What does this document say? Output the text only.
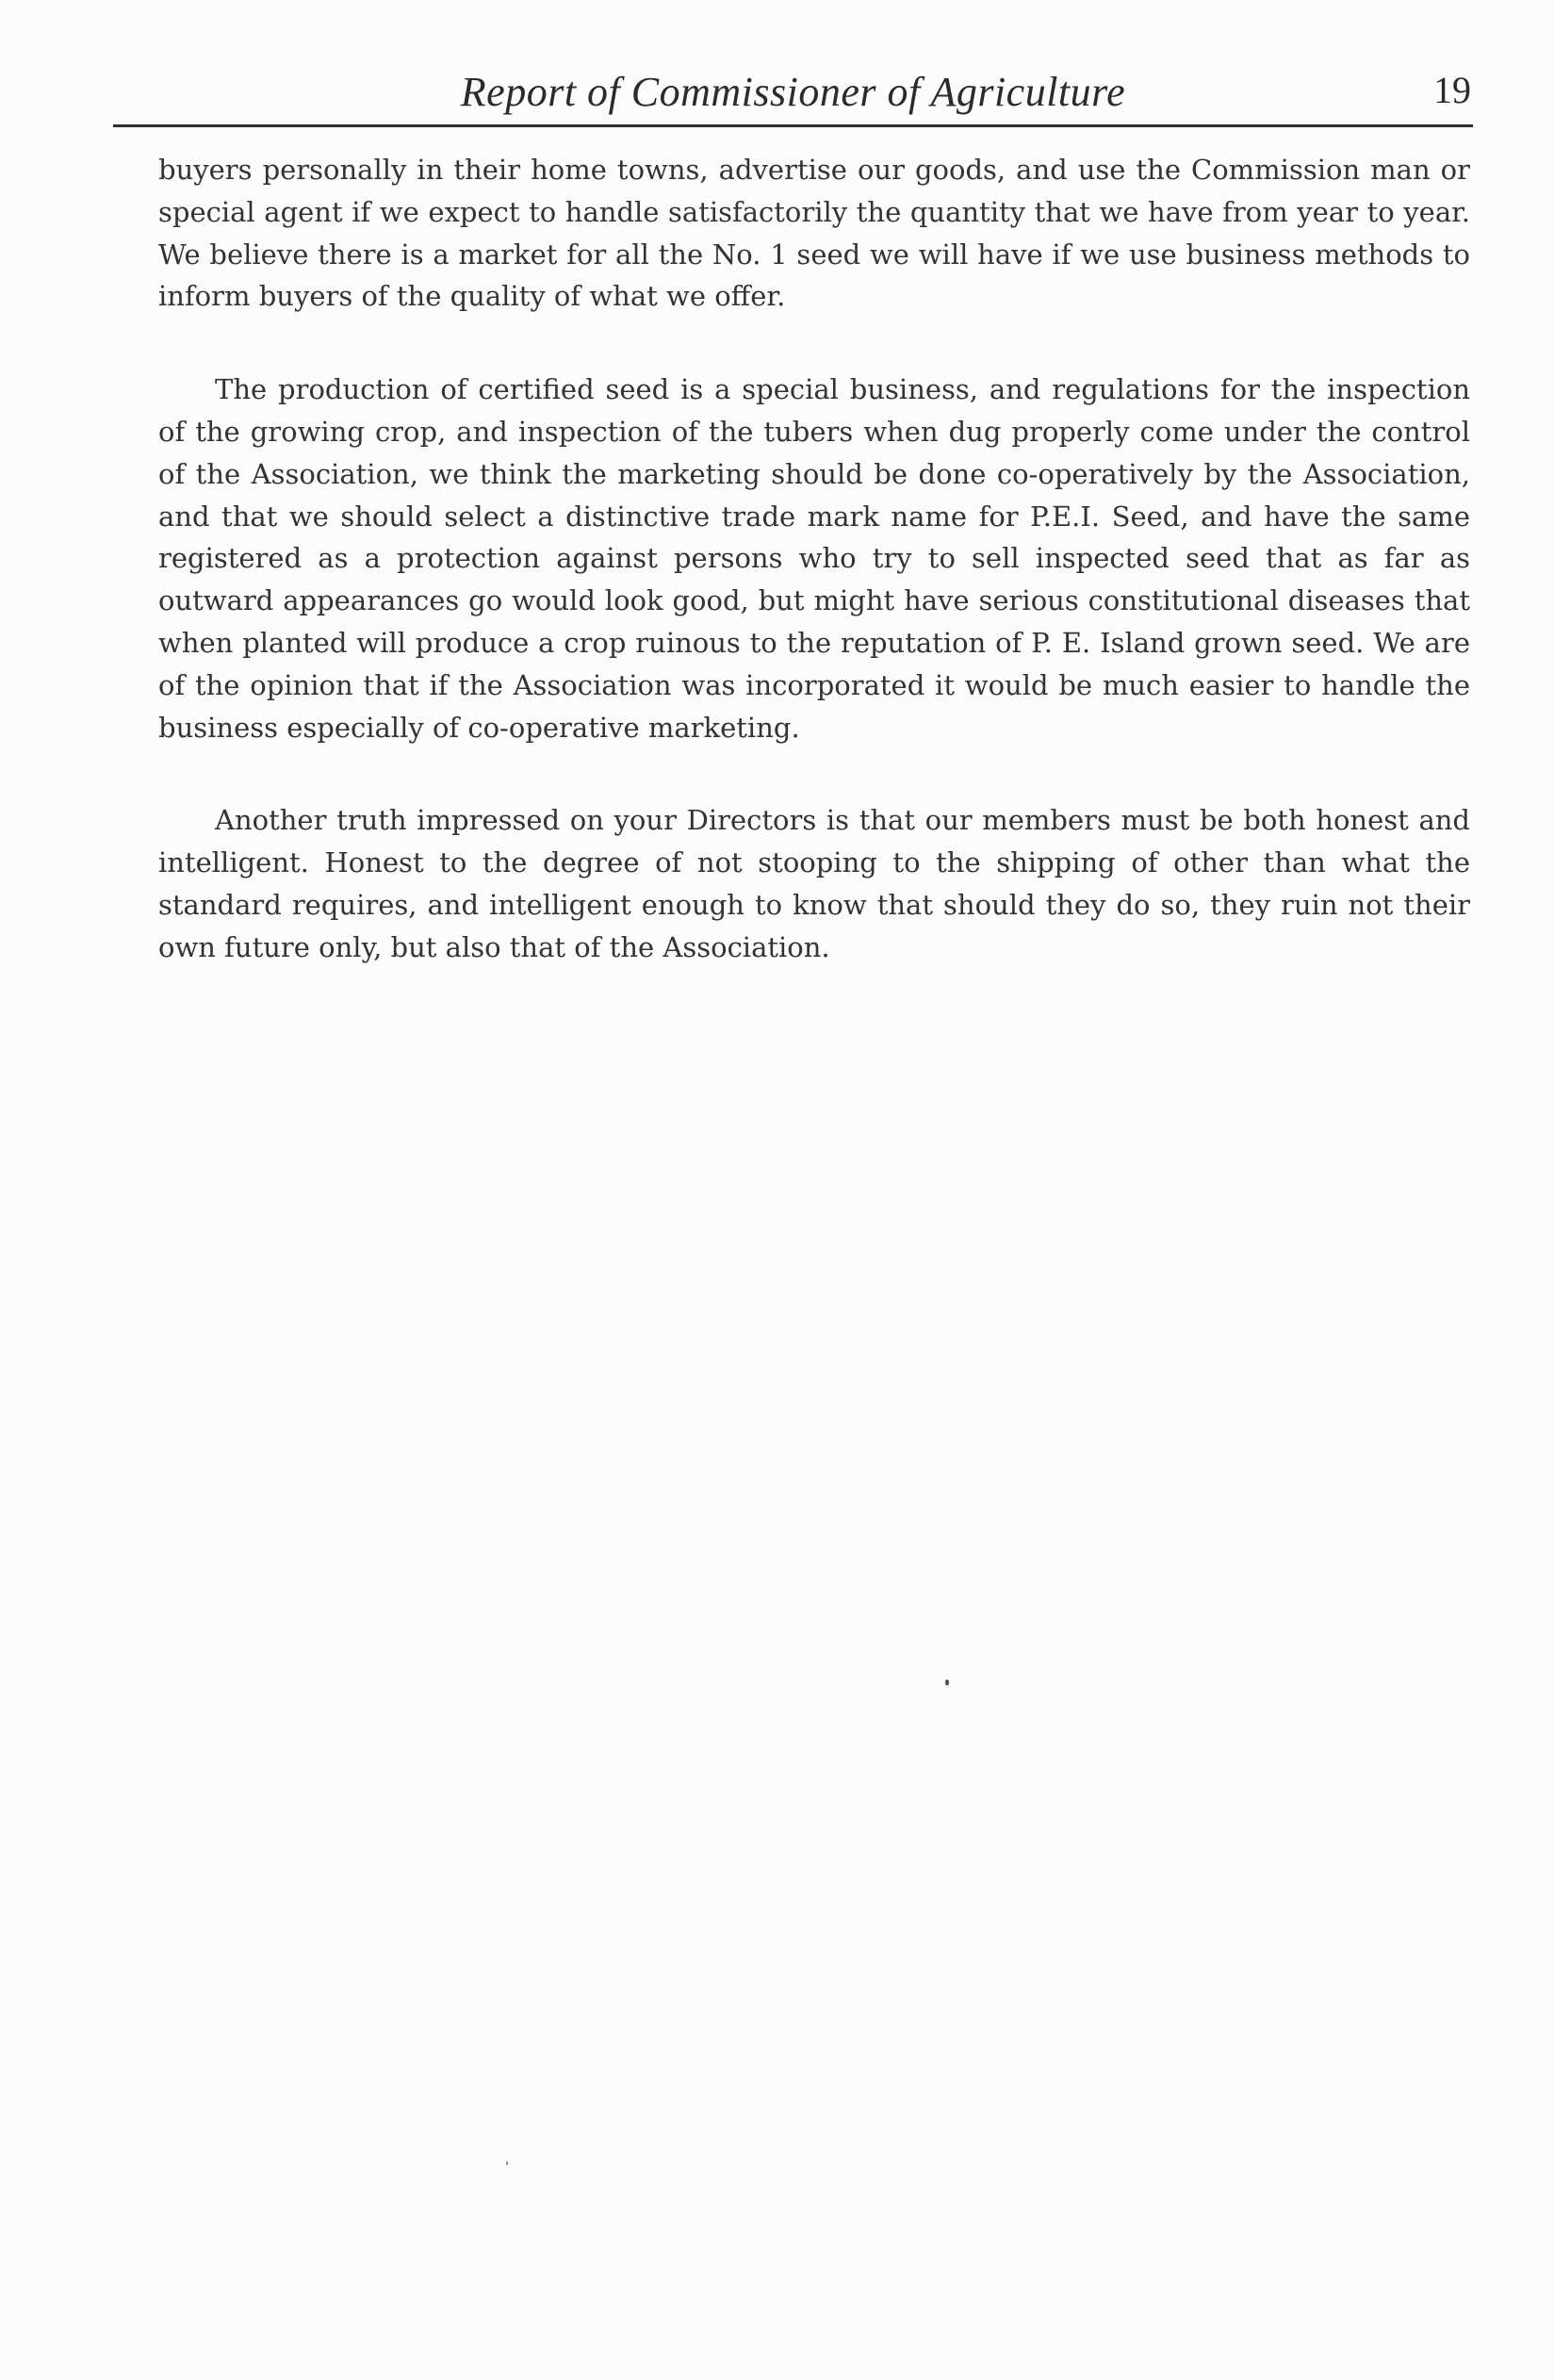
Report of Commissioner of Agriculture	19

buyers personally in their home towns, advertise our goods, and use the Commission man or special agent if we expect to handle satisfactorily the quantity that we have from year to year. We believe there is a market for all the No. 1 seed we will have if we use business methods to inform buyers of the quality of what we offer.

The production of certified seed is a special business, and regulations for the inspection of the growing crop, and inspection of the tubers when dug properly come under the control of the Association, we think the marketing should be done co-operatively by the Association, and that we should select a distinctive trade mark name for P.E.I. Seed, and have the same registered as a protection against persons who try to sell inspected seed that as far as outward appearances go would look good, but might have serious constitutional diseases that when planted will produce a crop ruinous to the reputation of P. E. Island grown seed. We are of the opinion that if the Association was incorporated it would be much easier to handle the business especially of co-operative marketing.

Another truth impressed on your Directors is that our members must be both honest and intelligent. Honest to the degree of not stooping to the shipping of other than what the standard requires, and intelligent enough to know that should they do so, they ruin not their own future only, but also that of the Association.
